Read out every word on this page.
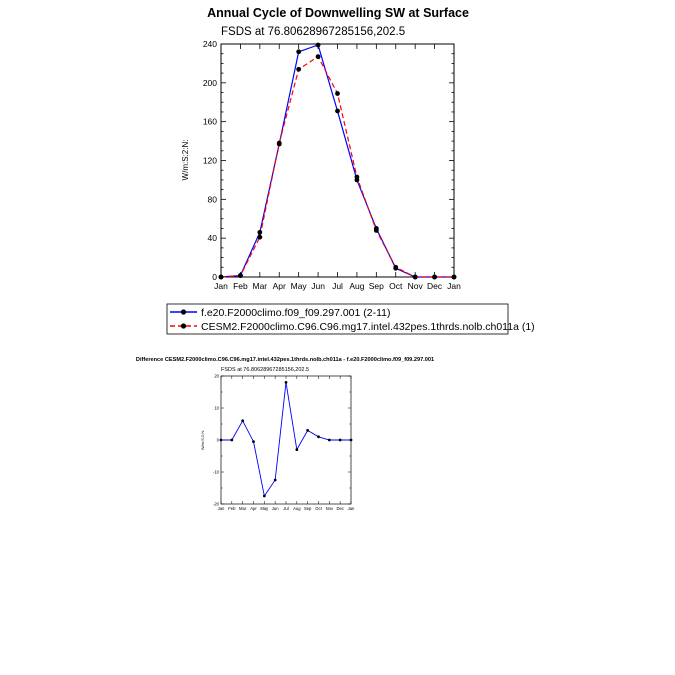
Annual Cycle of Downwelling SW at Surface
FSDS at 76.80628967285156,202.5
W/m:S:2:N:
0
40
80
120
160
200
240
Jan Feb Mar Apr May Jun Jul Aug Sep Oct Nov Dec Jan
f.e20.F2000climo.f09_f09.297.001 (2-11)
CESM2.F2000climo.C96.C96.mg17.intel.432pes.1thrds.nolb.ch011a (1)
Difference CESM2.F2000climo.C96.C96.mg17.intel.432pes.1thrds.nolb.ch011a - f.e20.F2000climo.f09_f09.297.001
FSDS at 76.80628967285156,202.5
W/m:S:2:N:
-20
-10
0
10
20
Jan Feb Mar Apr May Jun Jul Aug Sep Oct Nov Dec Jan
